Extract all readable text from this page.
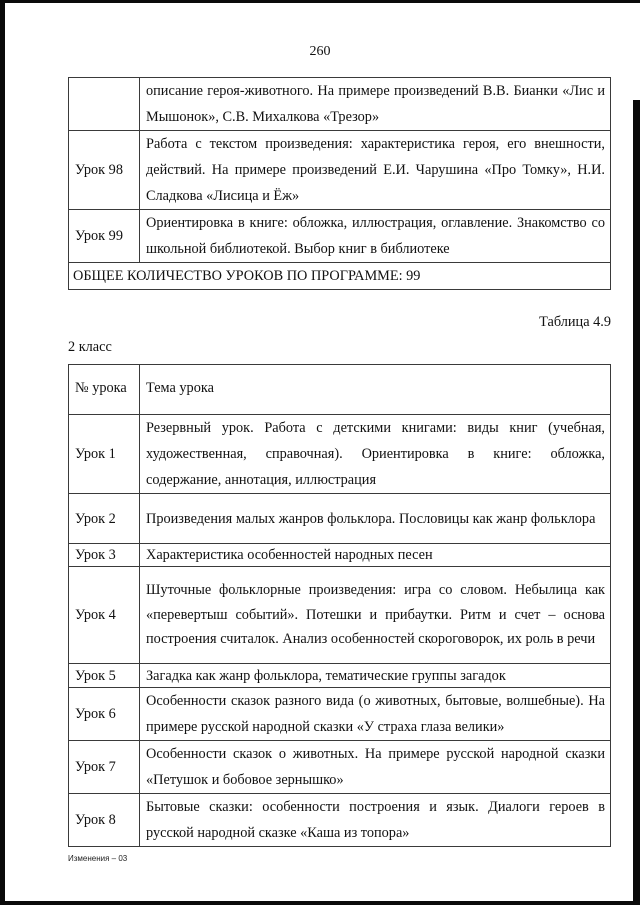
260
	описание героя-животного. На примере произведений В.В. Бианки «Лис и Мышонок», С.В. Михалкова «Трезор»
Урок 98	Работа с текстом произведения: характеристика героя, его внешности, действий. На примере произведений Е.И. Чарушина «Про Томку», Н.И. Сладкова «Лисица и Ёж»
Урок 99	Ориентировка в книге: обложка, иллюстрация, оглавление. Знакомство со школьной библиотекой. Выбор книг в библиотеке
ОБЩЕЕ КОЛИЧЕСТВО УРОКОВ ПО ПРОГРАММЕ: 99	
Таблица 4.9
2 класс
№ урока	Тема урока
Урок 1	Резервный урок. Работа с детскими книгами: виды книг (учебная, художественная, справочная). Ориентировка в книге: обложка, содержание, аннотация, иллюстрация
Урок 2	Произведения малых жанров фольклора. Пословицы как жанр фольклора
Урок 3	Характеристика особенностей народных песен
Урок 4	Шуточные фольклорные произведения: игра со словом. Небылица как «перевертыш событий». Потешки и прибаутки. Ритм и счет – основа построения считалок. Анализ особенностей скороговорок, их роль в речи
Урок 5	Загадка как жанр фольклора, тематические группы загадок
Урок 6	Особенности сказок разного вида (о животных, бытовые, волшебные). На примере русской народной сказки «У страха глаза велики»
Урок 7	Особенности сказок о животных. На примере русской народной сказки «Петушок и бобовое зернышко»
Урок 8	Бытовые сказки: особенности построения и язык. Диалоги героев в русской народной сказке «Каша из топора»
Изменения – 03
